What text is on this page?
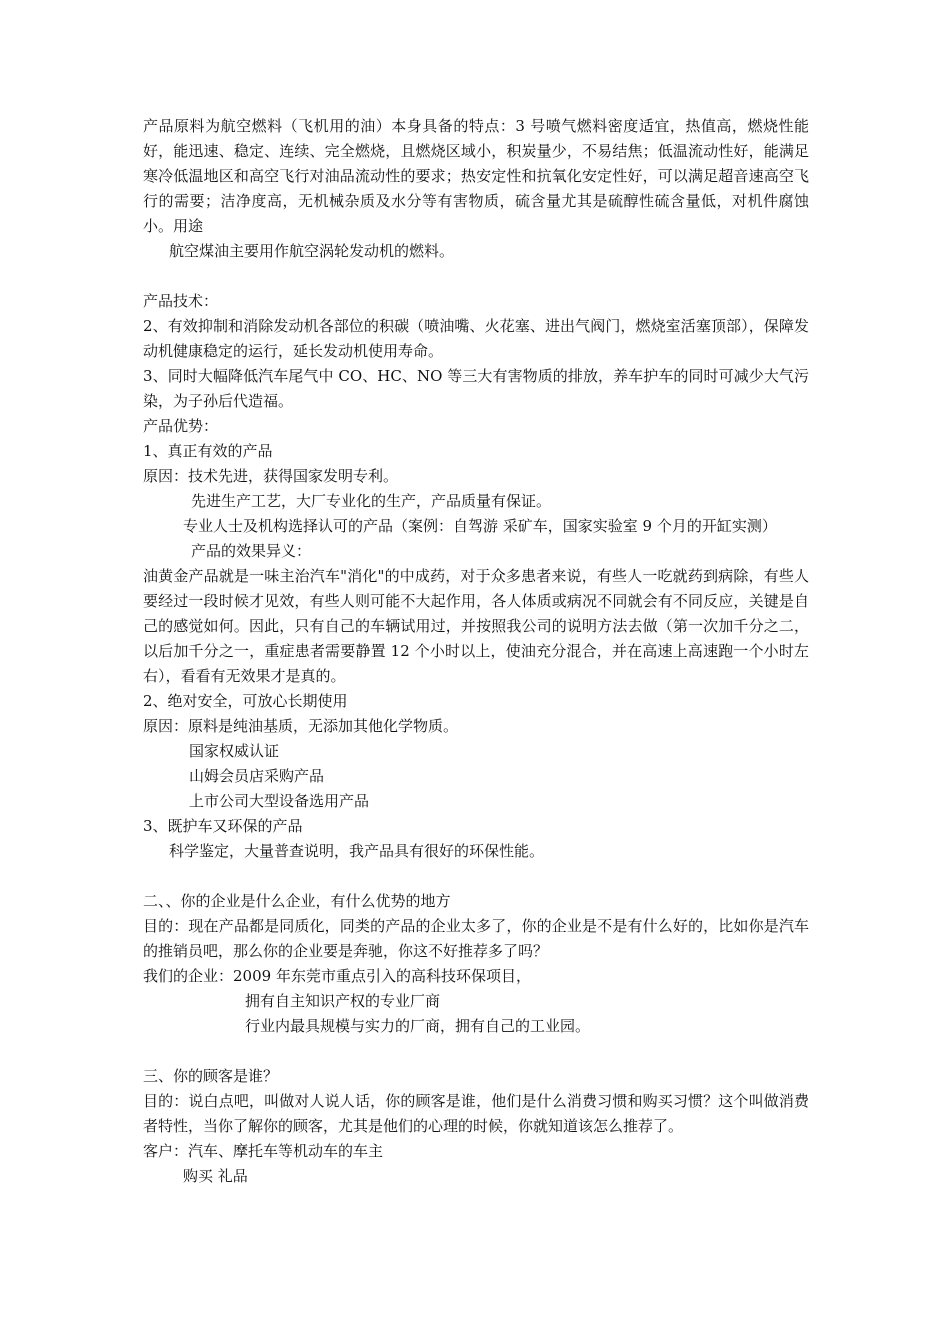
产品原料为航空燃料（飞机用的油）本身具备的特点：3 号喷气燃料密度适宜，热值高，燃烧性能好，能迅速、稳定、连续、完全燃烧，且燃烧区域小，积炭量少，不易结焦；低温流动性好，能满足寒冷低温地区和高空飞行对油品流动性的要求；热安定性和抗氧化安定性好，可以满足超音速高空飞行的需要；洁净度高，无机械杂质及水分等有害物质，硫含量尤其是硫醇性硫含量低，对机件腐蚀小。用途

航空煤油主要用作航空涡轮发动机的燃料。

产品技术：

2、有效抑制和消除发动机各部位的积碳（喷油嘴、火花塞、进出气阀门，燃烧室活塞顶部），保障发动机健康稳定的运行，延长发动机使用寿命。

3、同时大幅降低汽车尾气中 CO、HC、NO 等三大有害物质的排放，养车护车的同时可减少大气污染，为子孙后代造福。

产品优势：

1、真正有效的产品

原因：技术先进，获得国家发明专利。

先进生产工艺，大厂专业化的生产，产品质量有保证。

专业人士及机构选择认可的产品（案例：自驾游 采矿车，国家实验室 9 个月的开缸实测）

产品的效果异义：

油黄金产品就是一味主治汽车"消化"的中成药，对于众多患者来说，有些人一吃就药到病除，有些人要经过一段时候才见效，有些人则可能不大起作用，各人体质或病况不同就会有不同反应，关键是自己的感觉如何。因此，只有自己的车辆试用过，并按照我公司的说明方法去做（第一次加千分之二，以后加千分之一，重症患者需要静置 12 个小时以上，使油充分混合，并在高速上高速跑一个小时左右），看看有无效果才是真的。

2、绝对安全，可放心长期使用

原因：原料是纯油基质，无添加其他化学物质。

国家权威认证

山姆会员店采购产品

上市公司大型设备选用产品

3、既护车又环保的产品

科学鉴定，大量普查说明，我产品具有很好的环保性能。

二、、你的企业是什么企业，有什么优势的地方

目的：现在产品都是同质化，同类的产品的企业太多了，你的企业是不是有什么好的，比如你是汽车的推销员吧，那么你的企业要是奔驰，你这不好推荐多了吗？

我们的企业：2009 年东莞市重点引入的高科技环保项目，

拥有自主知识产权的专业厂商

行业内最具规模与实力的厂商，拥有自己的工业园。

三、你的顾客是谁？

目的：说白点吧，叫做对人说人话，你的顾客是谁，他们是什么消费习惯和购买习惯？这个叫做消费者特性，当你了解你的顾客，尤其是他们的心理的时候，你就知道该怎么推荐了。

客户：汽车、摩托车等机动车的车主

购买 礼品
